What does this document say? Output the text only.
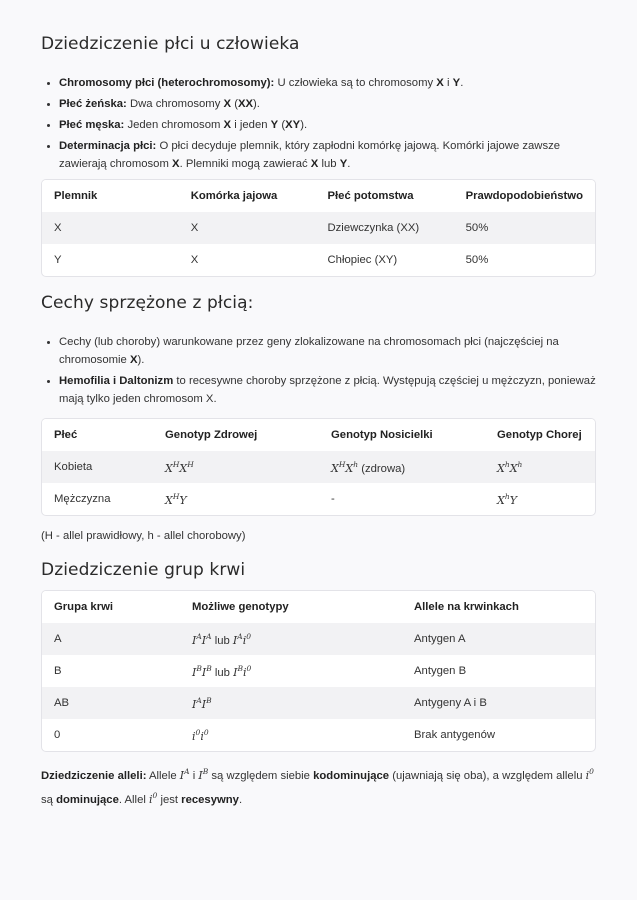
Dziedziczenie płci u człowieka
• Chromosomy płci (heterochromosomy): U człowieka są to chromosomy X i Y.
• Płeć żeńska: Dwa chromosomy X (XX).
• Płeć męska: Jeden chromosom X i jeden Y (XY).
• Determinacja płci: O płci decyduje plemnik, który zapłodni komórkę jajową. Komórki jajowe zawsze zawierają chromosom X. Plemniki mogą zawierać X lub Y.
Plemnik	Komórka jajowa	Płeć potomstwa	Prawdopodobieństwo
X	X	Dziewczynka (XX)	50%
Y	X	Chłopiec (XY)	50%
Cechy sprzężone z płcią:
• Cechy (lub choroby) warunkowane przez geny zlokalizowane na chromosomach płci (najczęściej na chromosomie X).
• Hemofilia i Daltonizm to recesywne choroby sprzężone z płcią. Występują częściej u mężczyzn, ponieważ mają tylko jeden chromosom X.
Płeć	Genotyp Zdrowej	Genotyp Nosicielki	Genotyp Chorej
Kobieta	$X^HX^H$	$X^HX^h$ (zdrowa)	$X^hX^h$
Mężczyzna	$X^HY$	-	$X^hY$
(H - allel prawidłowy, h - allel chorobowy)
Dziedziczenie grup krwi
Grupa krwi	Możliwe genotypy	Allele na krwinkach
A	$I^AI^A$ lub $I^Ai^0$	Antygen A
B	$I^BI^B$ lub $I^Bi^0$	Antygen B
AB	$I^AI^B$	Antygeny A i B
0	$i^0i^0$	Brak antygenów
Dziedziczenie alleli: Allele $I^A$ i $I^B$ są względem siebie kodominujące (ujawniają się oba), a względem allelu $i^0$ są dominujące. Allel $i^0$ jest recesywny.
